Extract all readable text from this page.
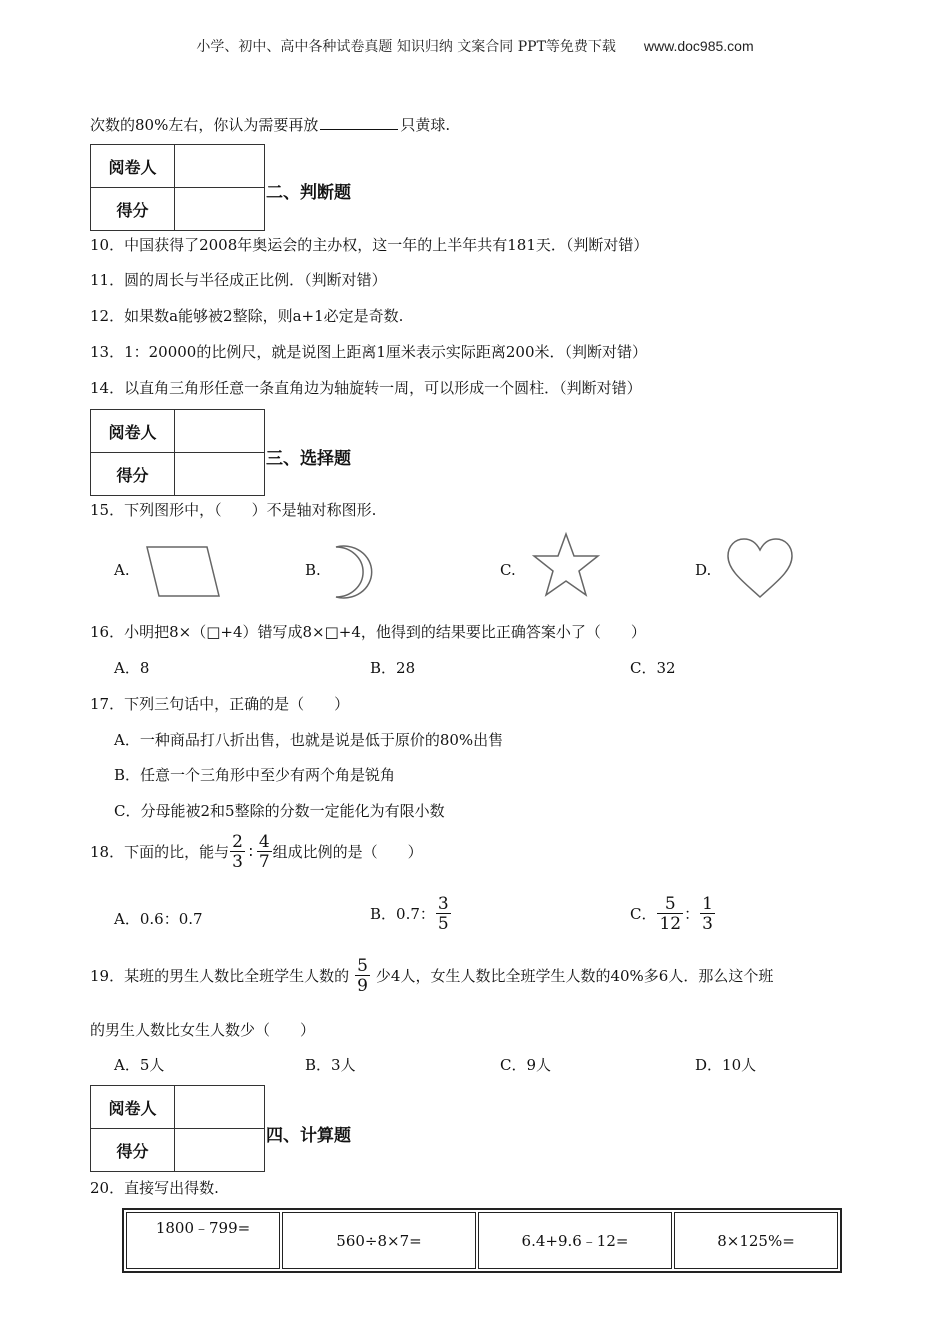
小学、初中、高中各种试卷真题 知识归纳 文案合同 PPT等免费下载 www.doc985.com
次数的80%左右，你认为需要再放	只黄球.
阅卷人	
得分	
二、判断题
10．中国获得了2008年奥运会的主办权，这一年的上半年共有181天．（判断对错）
11．圆的周长与半径成正比例．（判断对错）
12．如果数a能够被2整除，则a+1必定是奇数.
13．1：20000的比例尺，就是说图上距离1厘米表示实际距离200米．（判断对错）
14．以直角三角形任意一条直角边为轴旋转一周，可以形成一个圆柱．（判断对错）
阅卷人	
得分	
三、选择题
15．下列图形中，（　　）不是轴对称图形.
A.	B.	C.	D.
16．小明把8×（□+4）错写成8×□+4，他得到的结果要比正确答案小了（　　）
A．8	B．28	C．32
17．下列三句话中，正确的是（　　）
A．一种商品打八折出售，也就是说是低于原价的80%出售
B．任意一个三角形中至少有两个角是锐角
C．分母能被2和5整除的分数一定能化为有限小数
18．下面的比，能与 $\frac{2}{3}$ ∶ $\frac{4}{7}$ 组成比例的是（　　）
A．0.6：0.7	B．0.7： $\frac{3}{5}$	C． $\frac{5}{12}$ ： $\frac{1}{3}$
19．某班的男生人数比全班学生人数的 $\frac{5}{9}$ 少4人，女生人数比全班学生人数的40%多6人．那么这个班
的男生人数比女生人数少（　　）
A．5人	B．3人	C．9人	D．10人
阅卷人	
得分	
四、计算题
20．直接写出得数.
1800﹣799=	560÷8×7=	6.4+9.6﹣12=	8×125%=
